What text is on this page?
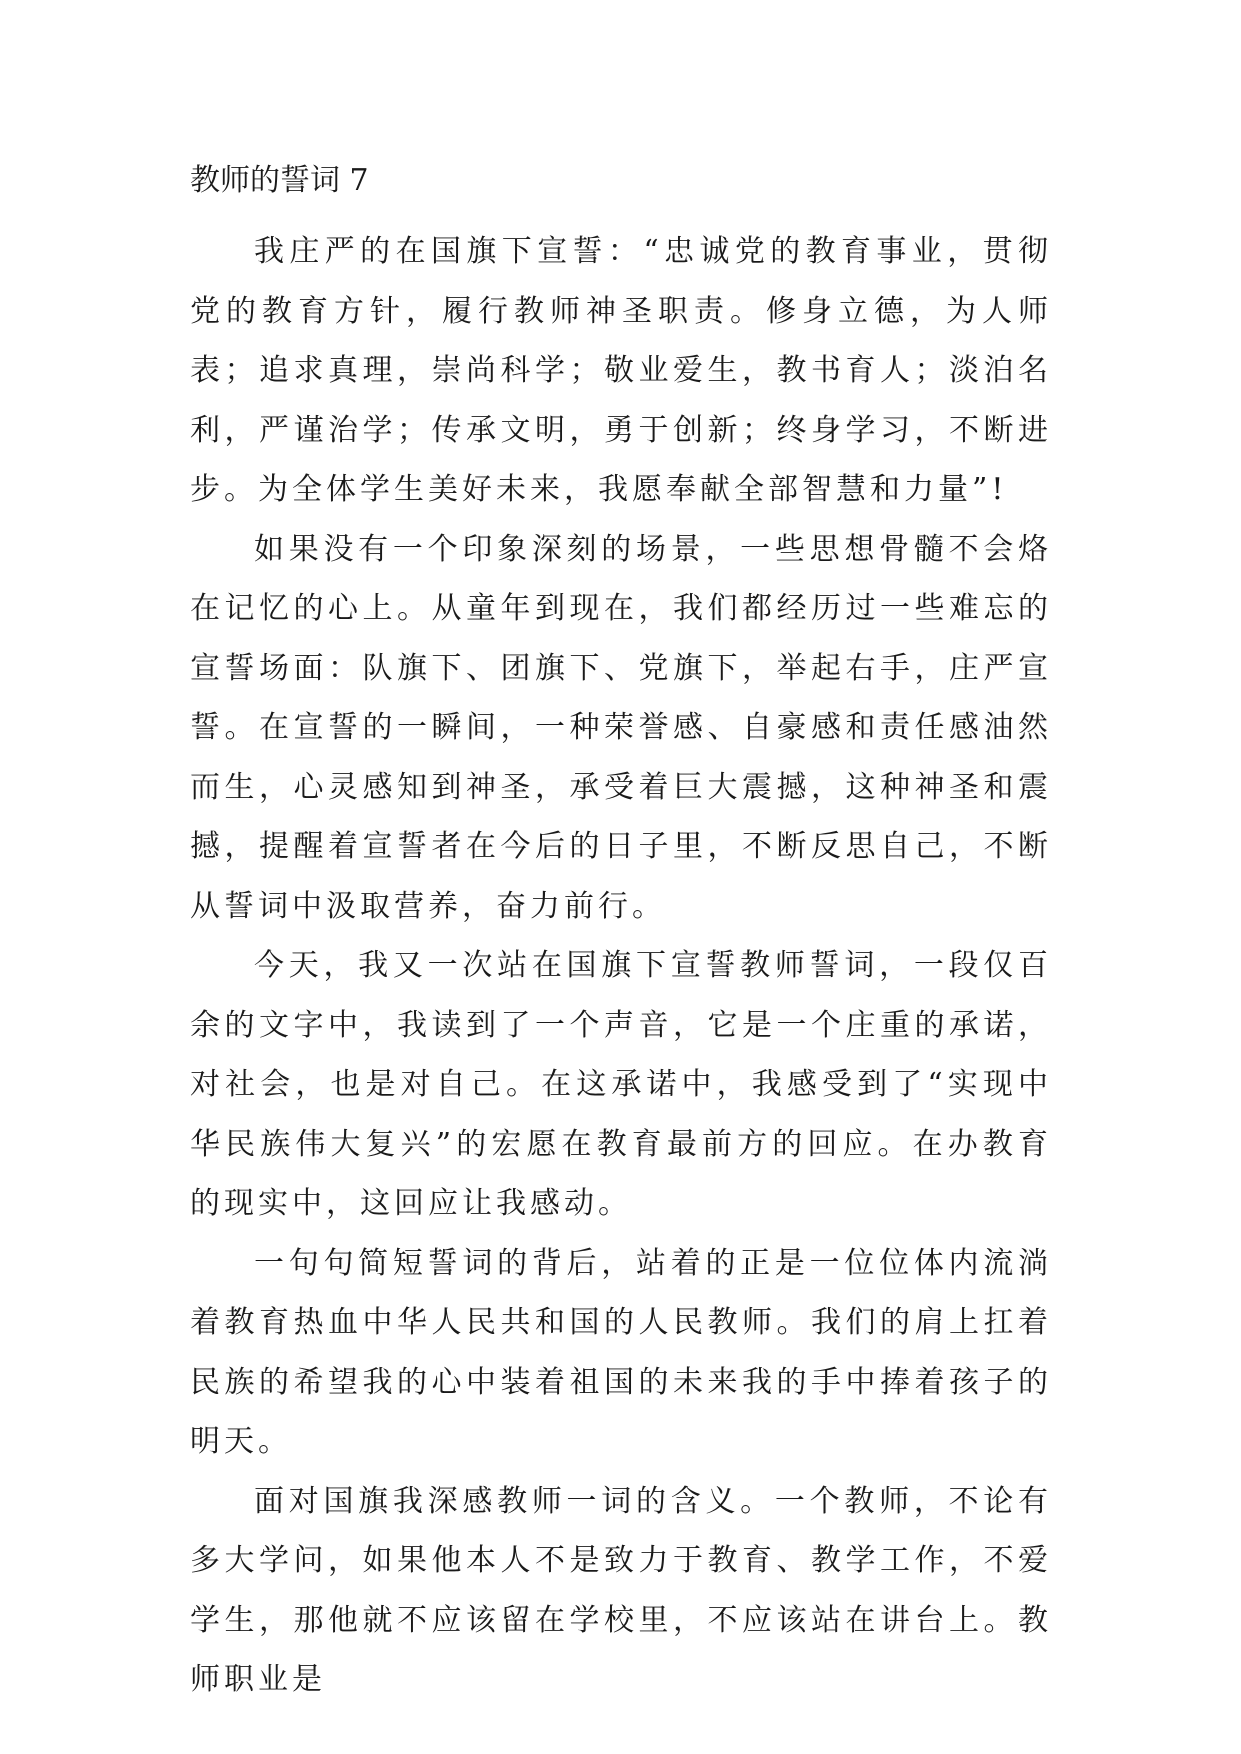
教师的誓词 7

我庄严的在国旗下宣誓：“忠诚党的教育事业，贯彻党的教育方针，履行教师神圣职责。修身立德，为人师表；追求真理，崇尚科学；敬业爱生，教书育人；淡泊名利，严谨治学；传承文明，勇于创新；终身学习，不断进步。为全体学生美好未来，我愿奉献全部智慧和力量”!

如果没有一个印象深刻的场景，一些思想骨髓不会烙在记忆的心上。从童年到现在，我们都经历过一些难忘的宣誓场面：队旗下、团旗下、党旗下，举起右手，庄严宣誓。在宣誓的一瞬间，一种荣誉感、自豪感和责任感油然而生，心灵感知到神圣，承受着巨大震撼，这种神圣和震撼，提醒着宣誓者在今后的日子里，不断反思自己，不断从誓词中汲取营养，奋力前行。

今天，我又一次站在国旗下宣誓教师誓词，一段仅百余的文字中，我读到了一个声音，它是一个庄重的承诺，对社会，也是对自己。在这承诺中，我感受到了“实现中华民族伟大复兴”的宏愿在教育最前方的回应。在办教育的现实中，这回应让我感动。

一句句简短誓词的背后，站着的正是一位位体内流淌着教育热血中华人民共和国的人民教师。我们的肩上扛着民族的希望我的心中装着祖国的未来我的手中捧着孩子的明天。

面对国旗我深感教师一词的含义。一个教师，不论有多大学问，如果他本人不是致力于教育、教学工作，不爱学生，那他就不应该留在学校里，不应该站在讲台上。教师职业是
